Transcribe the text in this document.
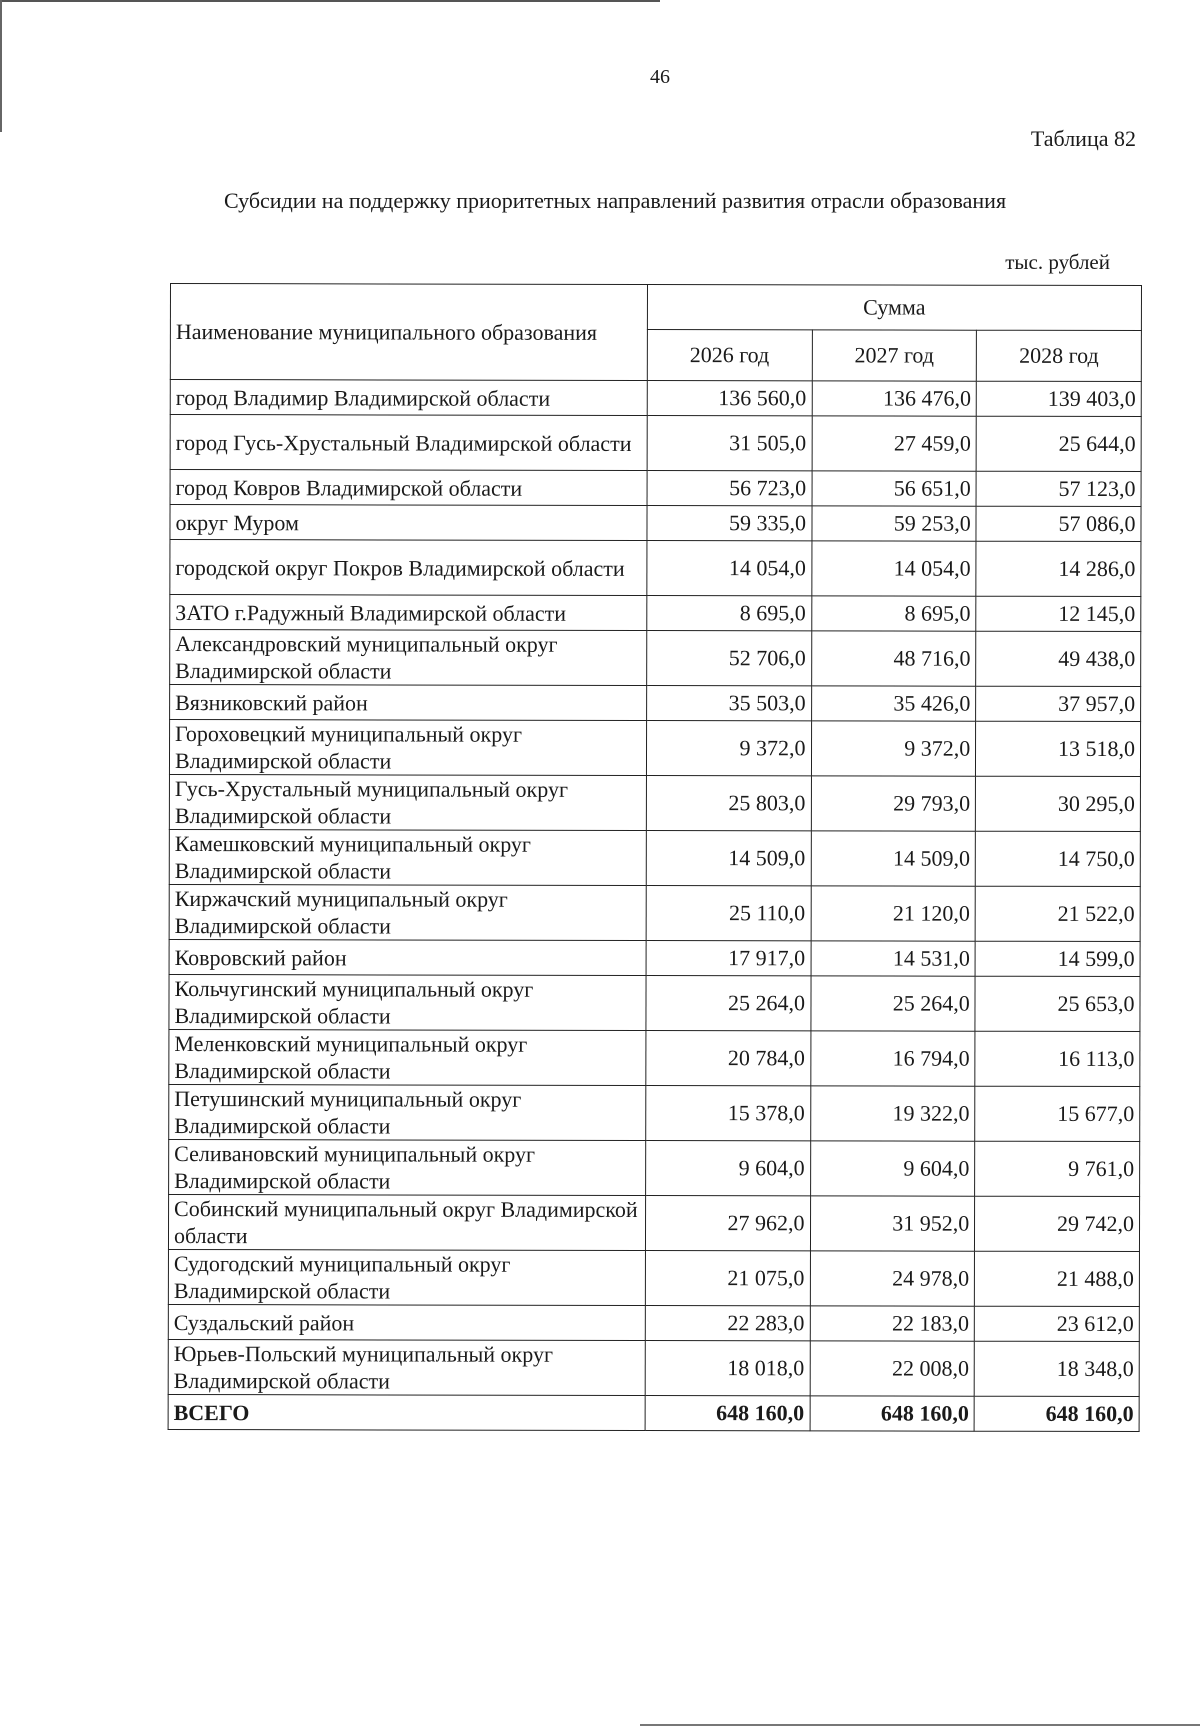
46
Таблица 82
Субсидии на поддержку приоритетных направлений развития отрасли образования
тыс. рублей
Наименование муниципального образования	Сумма		
	2026 год	2027 год	2028 год
город Владимир Владимирской области	136 560,0	136 476,0	139 403,0
город Гусь-Хрустальный Владимирской области	31 505,0	27 459,0	25 644,0
город Ковров Владимирской области	56 723,0	56 651,0	57 123,0
округ Муром	59 335,0	59 253,0	57 086,0
городской округ Покров Владимирской области	14 054,0	14 054,0	14 286,0
ЗАТО г.Радужный Владимирской области	8 695,0	8 695,0	12 145,0
Александровский муниципальный округ Владимирской области	52 706,0	48 716,0	49 438,0
Вязниковский район	35 503,0	35 426,0	37 957,0
Гороховецкий муниципальный округ Владимирской области	9 372,0	9 372,0	13 518,0
Гусь-Хрустальный муниципальный округ Владимирской области	25 803,0	29 793,0	30 295,0
Камешковский муниципальный округ Владимирской области	14 509,0	14 509,0	14 750,0
Киржачский муниципальный округ Владимирской области	25 110,0	21 120,0	21 522,0
Ковровский район	17 917,0	14 531,0	14 599,0
Кольчугинский муниципальный округ Владимирской области	25 264,0	25 264,0	25 653,0
Меленковский муниципальный округ Владимирской области	20 784,0	16 794,0	16 113,0
Петушинский муниципальный округ Владимирской области	15 378,0	19 322,0	15 677,0
Селивановский муниципальный округ Владимирской области	9 604,0	9 604,0	9 761,0
Собинский муниципальный округ Владимирской области	27 962,0	31 952,0	29 742,0
Судогодский муниципальный округ Владимирской области	21 075,0	24 978,0	21 488,0
Суздальский район	22 283,0	22 183,0	23 612,0
Юрьев-Польский муниципальный округ Владимирской области	18 018,0	22 008,0	18 348,0
ВСЕГО	648 160,0	648 160,0	648 160,0
